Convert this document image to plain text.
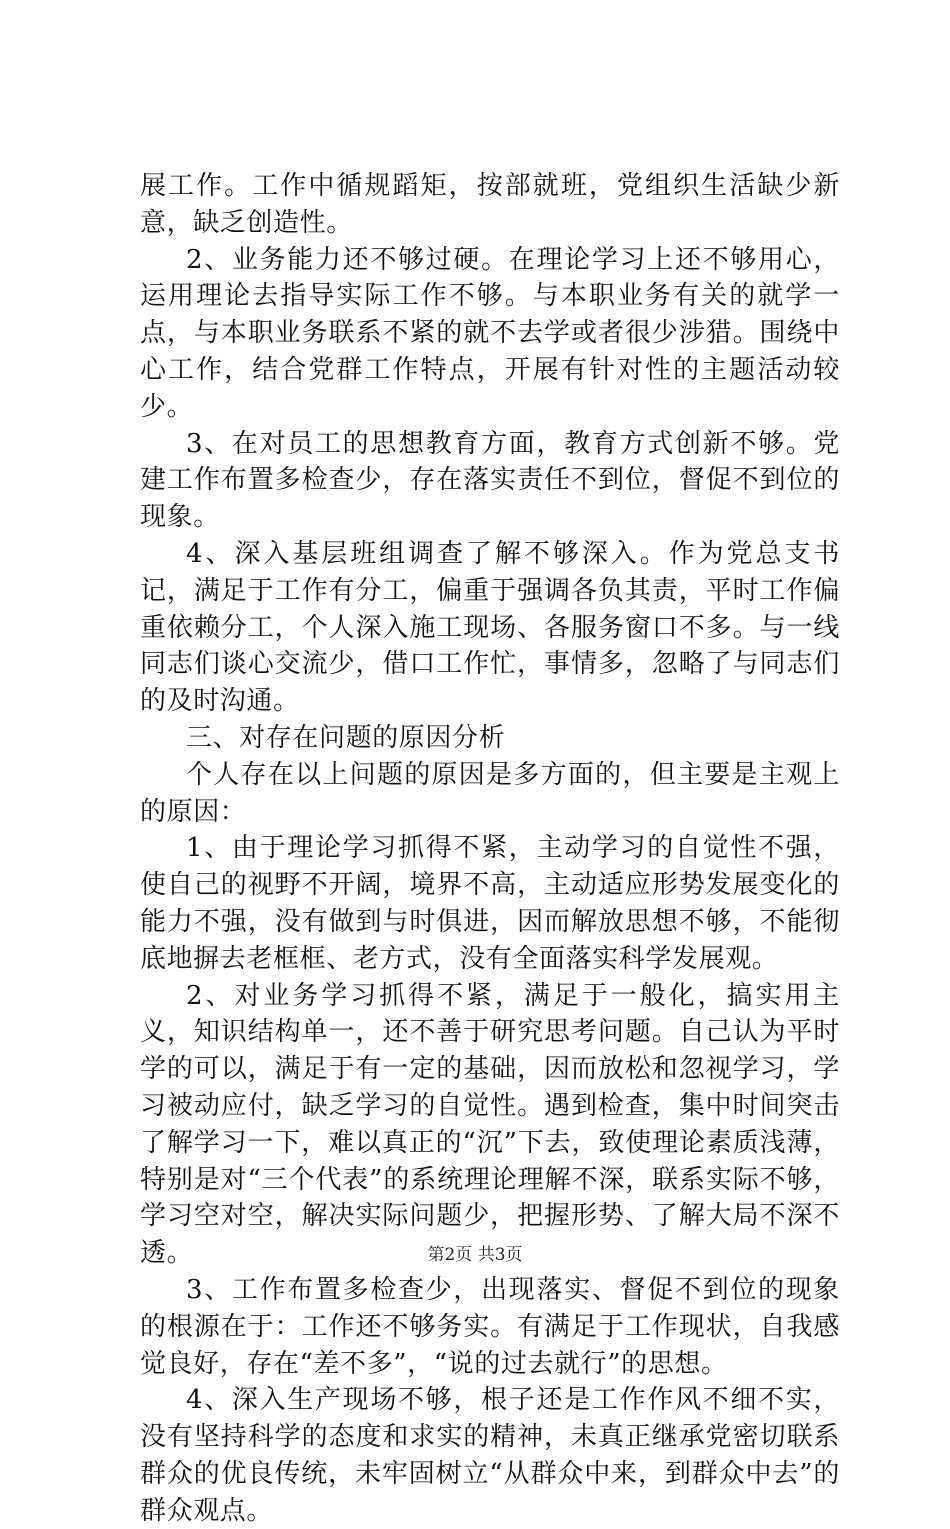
展工作。工作中循规蹈矩，按部就班，党组织生活缺少新意，缺乏创造性。

2、业务能力还不够过硬。在理论学习上还不够用心，运用理论去指导实际工作不够。与本职业务有关的就学一点，与本职业务联系不紧的就不去学或者很少涉猎。围绕中心工作，结合党群工作特点，开展有针对性的主题活动较少。

3、在对员工的思想教育方面，教育方式创新不够。党建工作布置多检查少，存在落实责任不到位，督促不到位的现象。

4、深入基层班组调查了解不够深入。作为党总支书记，满足于工作有分工，偏重于强调各负其责，平时工作偏重依赖分工，个人深入施工现场、各服务窗口不多。与一线同志们谈心交流少，借口工作忙，事情多，忽略了与同志们的及时沟通。

三、对存在问题的原因分析

个人存在以上问题的原因是多方面的，但主要是主观上的原因：

1、由于理论学习抓得不紧，主动学习的自觉性不强，使自己的视野不开阔，境界不高，主动适应形势发展变化的能力不强，没有做到与时俱进，因而解放思想不够，不能彻底地摒去老框框、老方式，没有全面落实科学发展观。

2、对业务学习抓得不紧，满足于一般化，搞实用主义，知识结构单一，还不善于研究思考问题。自己认为平时学的可以，满足于有一定的基础，因而放松和忽视学习，学习被动应付，缺乏学习的自觉性。遇到检查，集中时间突击了解学习一下，难以真正的“沉”下去，致使理论素质浅薄，特别是对“三个代表”的系统理论理解不深，联系实际不够，学习空对空，解决实际问题少，把握形势、了解大局不深不透。

3、工作布置多检查少，出现落实、督促不到位的现象的根源在于：工作还不够务实。有满足于工作现状，自我感觉良好，存在“差不多”，“说的过去就行”的思想。

4、深入生产现场不够，根子还是工作作风不细不实，没有坚持科学的态度和求实的精神，未真正继承党密切联系群众的优良传统，未牢固树立“从群众中来，到群众中去”的群众观点。

第2页 共3页
